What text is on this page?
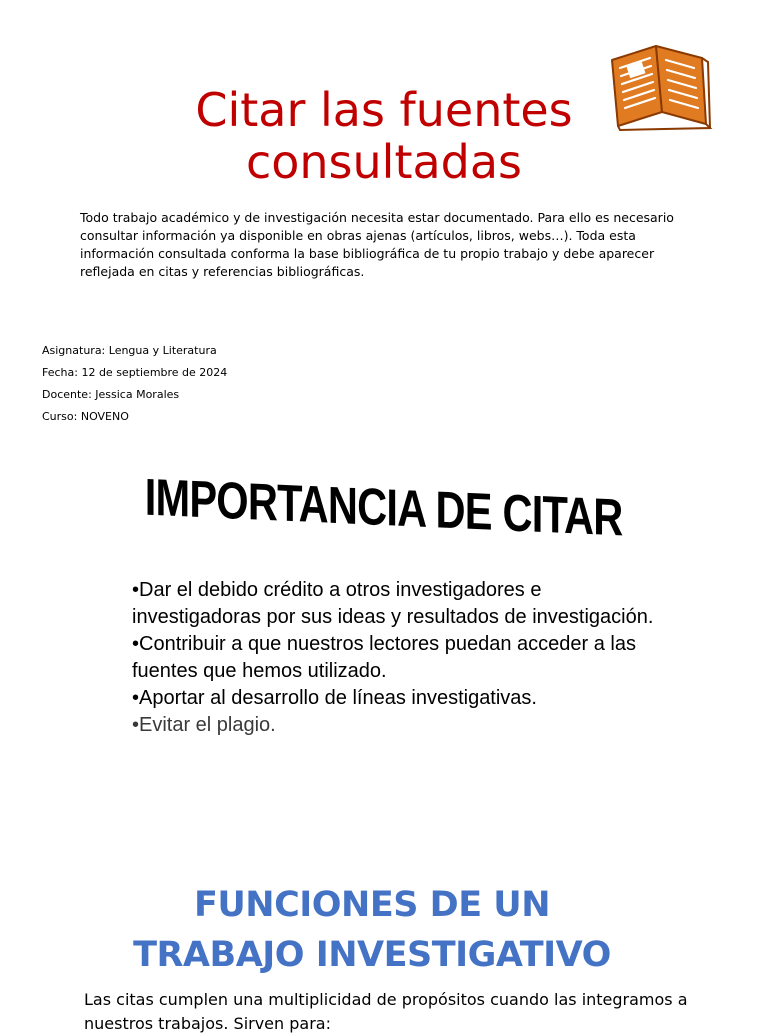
Citar las fuentes
consultadas

Todo trabajo académico y de investigación necesita estar documentado. Para ello es necesario consultar información ya disponible en obras ajenas (artículos, libros, webs…). Toda esta información consultada conforma la base bibliográfica de tu propio trabajo y debe aparecer reflejada en citas y referencias bibliográficas.

Asignatura: Lengua y Literatura
Fecha: 12 de septiembre de 2024
Docente: Jessica Morales
Curso: NOVENO
IMPORTANCIA DE CITAR
•Dar el debido crédito a otros investigadores e investigadoras por sus ideas y resultados de investigación.
•Contribuir a que nuestros lectores puedan acceder a las fuentes que hemos utilizado.
•Aportar al desarrollo de líneas investigativas.
•Evitar el plagio.
FUNCIONES DE UN
TRABAJO INVESTIGATIVO

Las citas cumplen una multiplicidad de propósitos cuando las integramos a nuestros trabajos. Sirven para:
